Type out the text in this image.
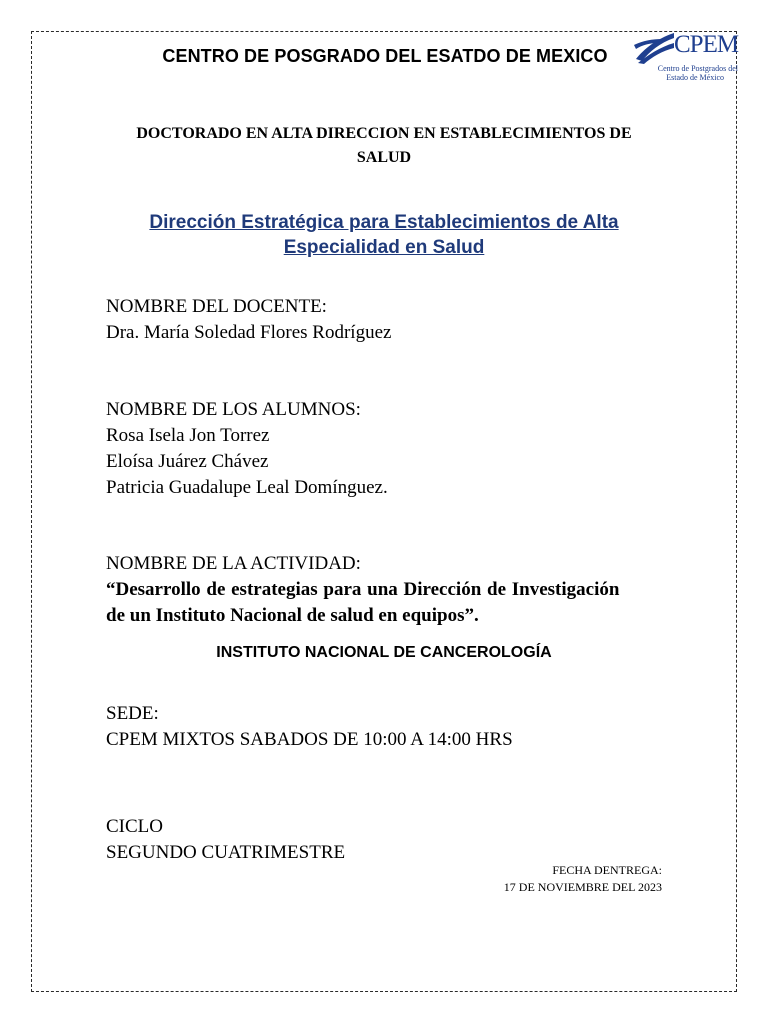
CENTRO DE POSGRADO DEL ESATDO DE MEXICO	CPEM
Centro de Postgrados del
Estado de México
DOCTORADO EN ALTA DIRECCION EN ESTABLECIMIENTOS DE
SALUD
Dirección Estratégica para Establecimientos de Alta
Especialidad en Salud
NOMBRE DEL DOCENTE:
Dra. María Soledad Flores Rodríguez
NOMBRE DE LOS ALUMNOS:
Rosa Isela Jon Torrez
Eloísa Juárez Chávez
Patricia Guadalupe Leal Domínguez.
NOMBRE DE LA ACTIVIDAD:
“Desarrollo de estrategias para una Dirección de Investigación
de un Instituto Nacional de salud en equipos”.
INSTITUTO NACIONAL DE CANCEROLOGÍA
SEDE:
CPEM MIXTOS SABADOS DE 10:00 A 14:00 HRS
CICLO
SEGUNDO CUATRIMESTRE
FECHA DENTREGA:
17 DE NOVIEMBRE DEL 2023
